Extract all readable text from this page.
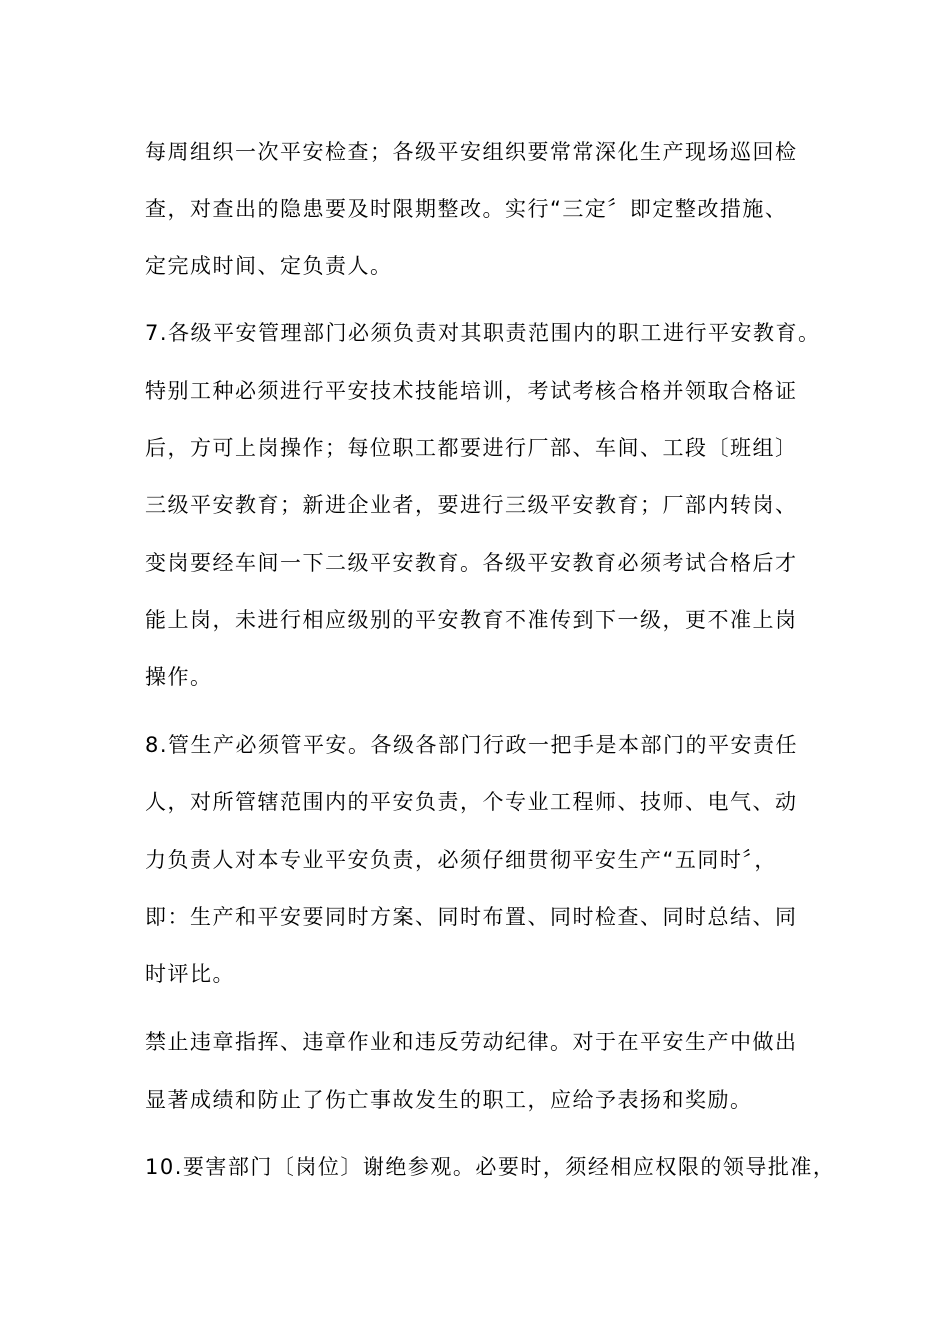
每周组织一次平安检查；各级平安组织要常常深化生产现场巡回检
查，对查出的隐患要及时限期整改。实行“三定〞即定整改措施、
定完成时间、定负责人。
7.各级平安管理部门必须负责对其职责范围内的职工进行平安教育。
特别工种必须进行平安技术技能培训，考试考核合格并领取合格证
后，方可上岗操作；每位职工都要进行厂部、车间、工段〔班组〕
三级平安教育；新进企业者，要进行三级平安教育；厂部内转岗、
变岗要经车间一下二级平安教育。各级平安教育必须考试合格后才
能上岗，未进行相应级别的平安教育不准传到下一级，更不准上岗
操作。
8.管生产必须管平安。各级各部门行政一把手是本部门的平安责任
人，对所管辖范围内的平安负责，个专业工程师、技师、电气、动
力负责人对本专业平安负责，必须仔细贯彻平安生产“五同时〞，
即：生产和平安要同时方案、同时布置、同时检查、同时总结、同
时评比。
禁止违章指挥、违章作业和违反劳动纪律。对于在平安生产中做出
显著成绩和防止了伤亡事故发生的职工，应给予表扬和奖励。
10.要害部门〔岗位〕谢绝参观。必要时，须经相应权限的领导批准，
